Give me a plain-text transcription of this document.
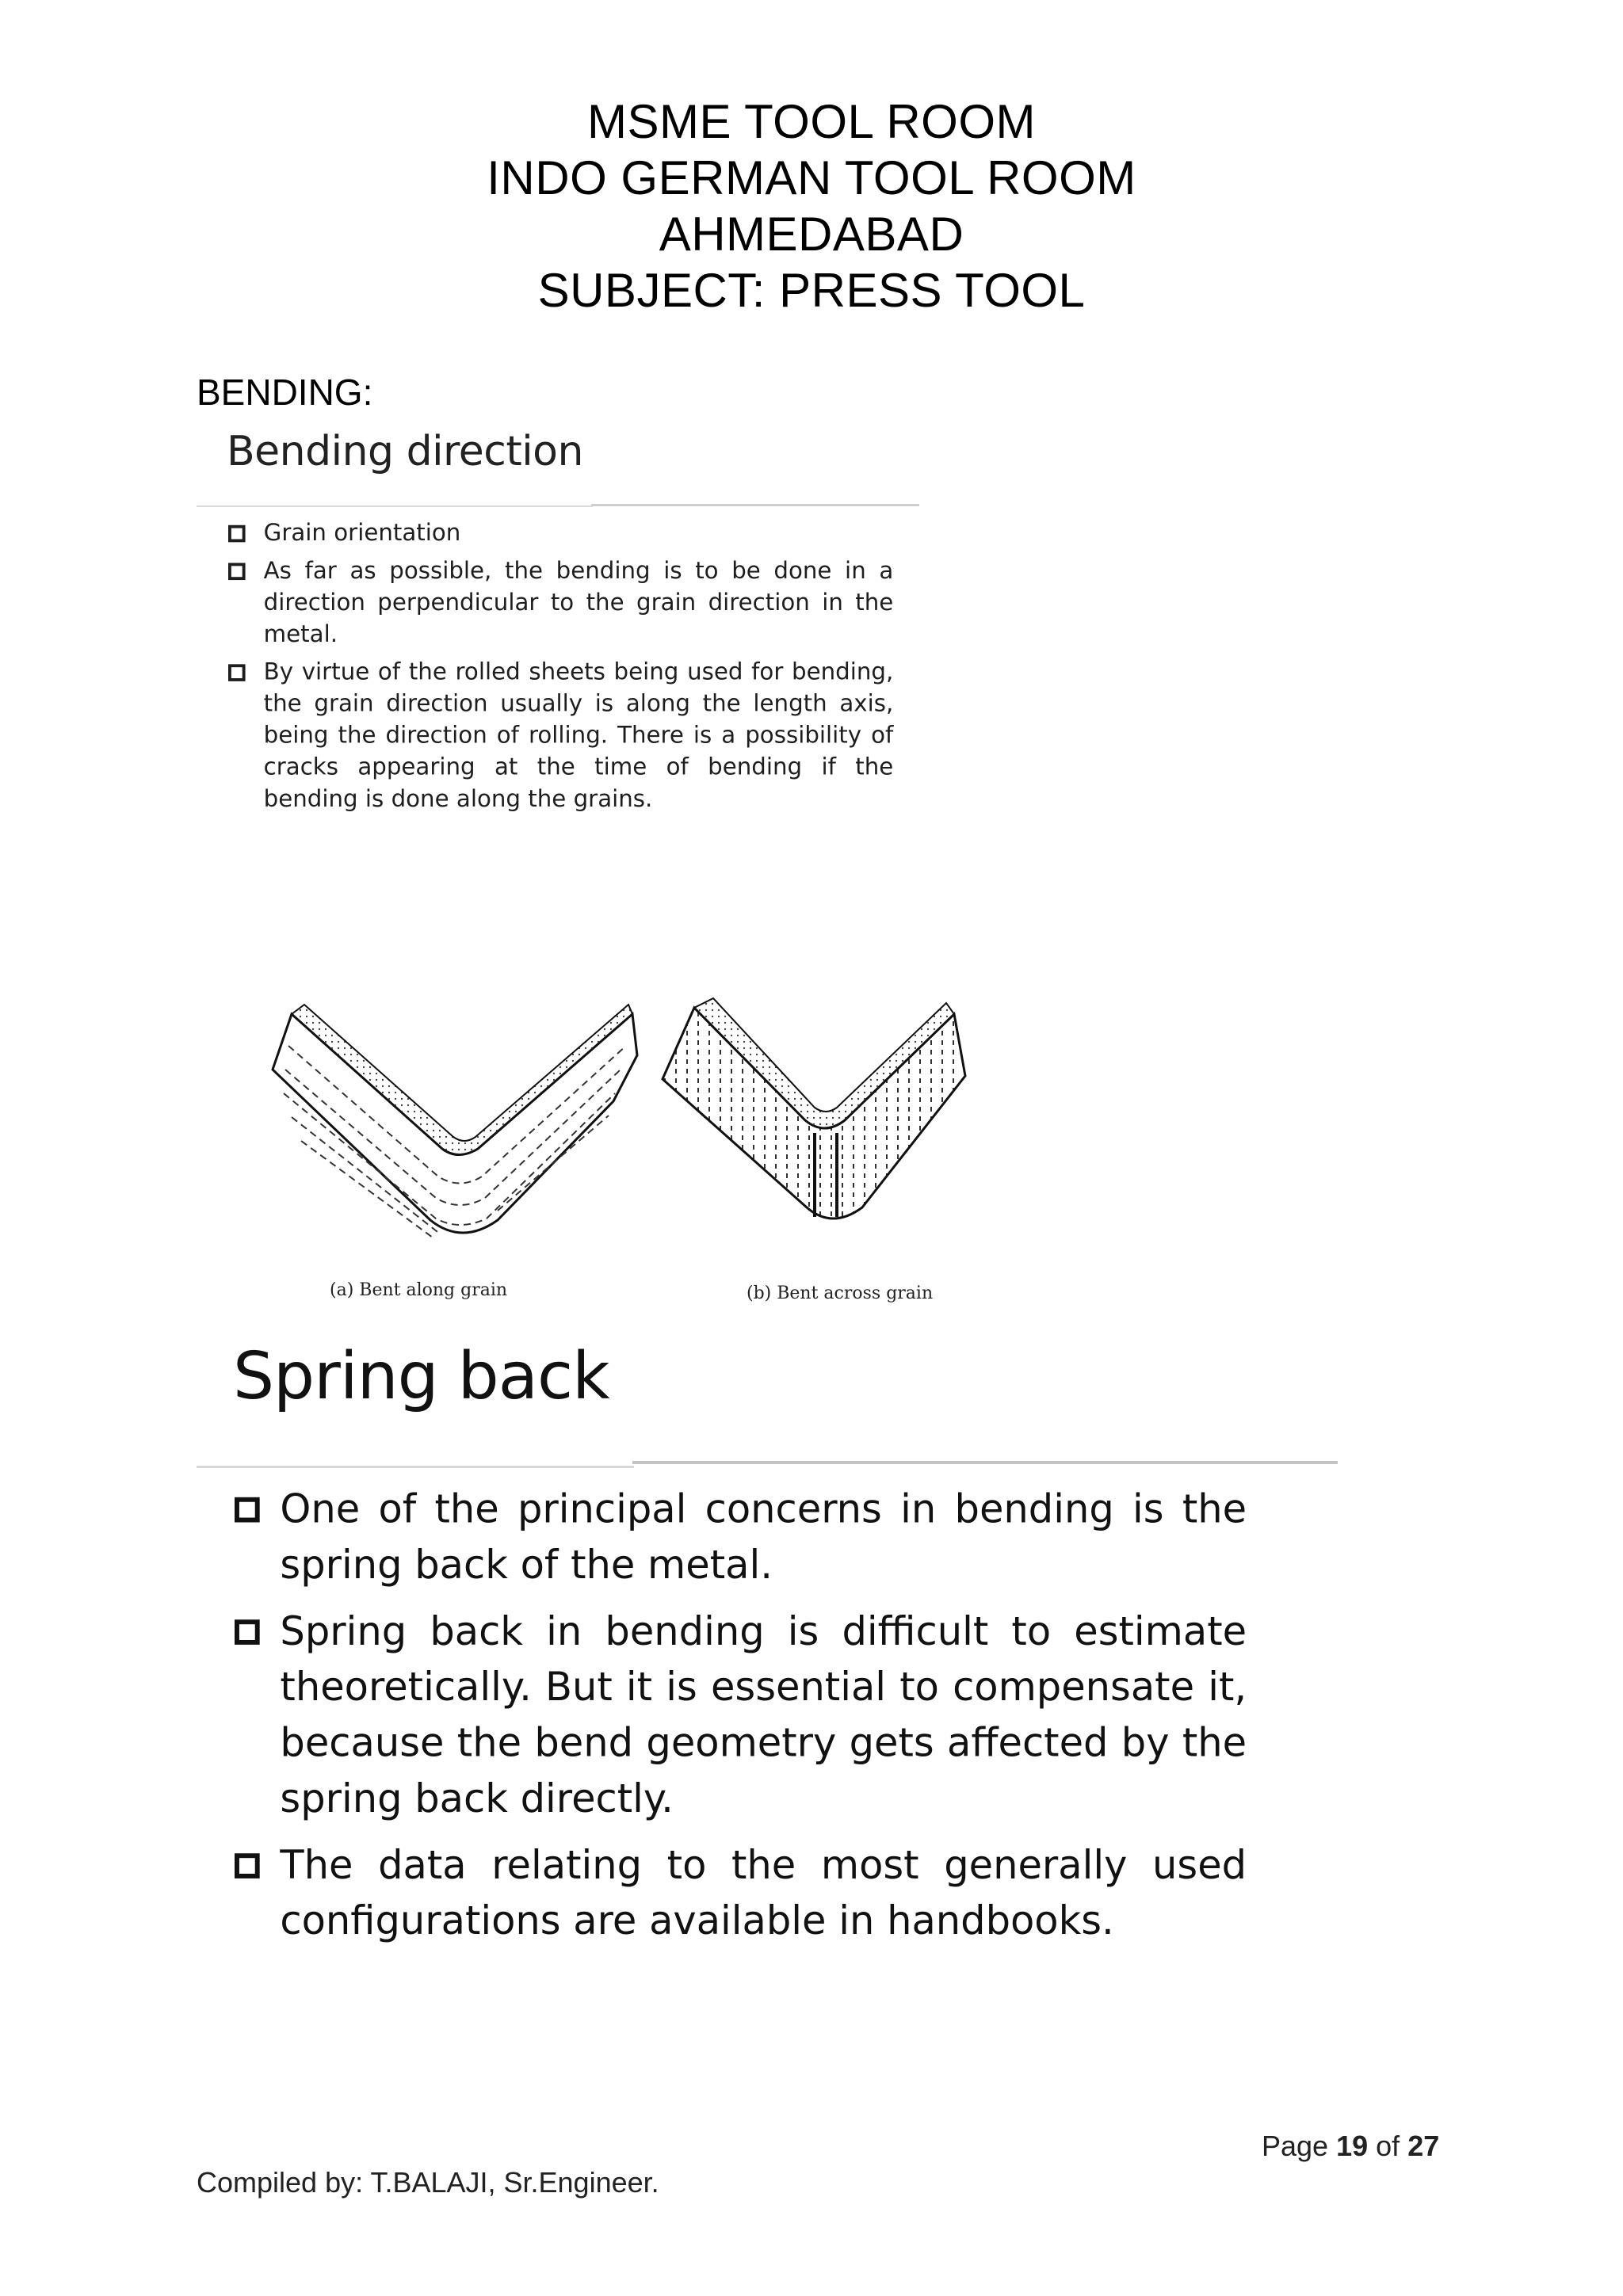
MSME TOOL ROOM
INDO GERMAN TOOL ROOM
AHMEDABAD
SUBJECT: PRESS TOOL
BENDING:
Bending direction
Grain orientation
As far as possible, the bending is to be done in a direction perpendicular to the grain direction in the metal.
By virtue of the rolled sheets being used for bending, the grain direction usually is along the length axis, being the direction of rolling. There is a possibility of cracks appearing at the time of bending if the bending is done along the grains.
(a) Bent along grain	(b) Bent across grain
Spring back
One of the principal concerns in bending is the spring back of the metal.
Spring back in bending is difficult to estimate theoretically. But it is essential to compensate it, because the bend geometry gets affected by the spring back directly.
The data relating to the most generally used configurations are available in handbooks.
Page 19 of 27
Compiled by: T.BALAJI, Sr.Engineer.
